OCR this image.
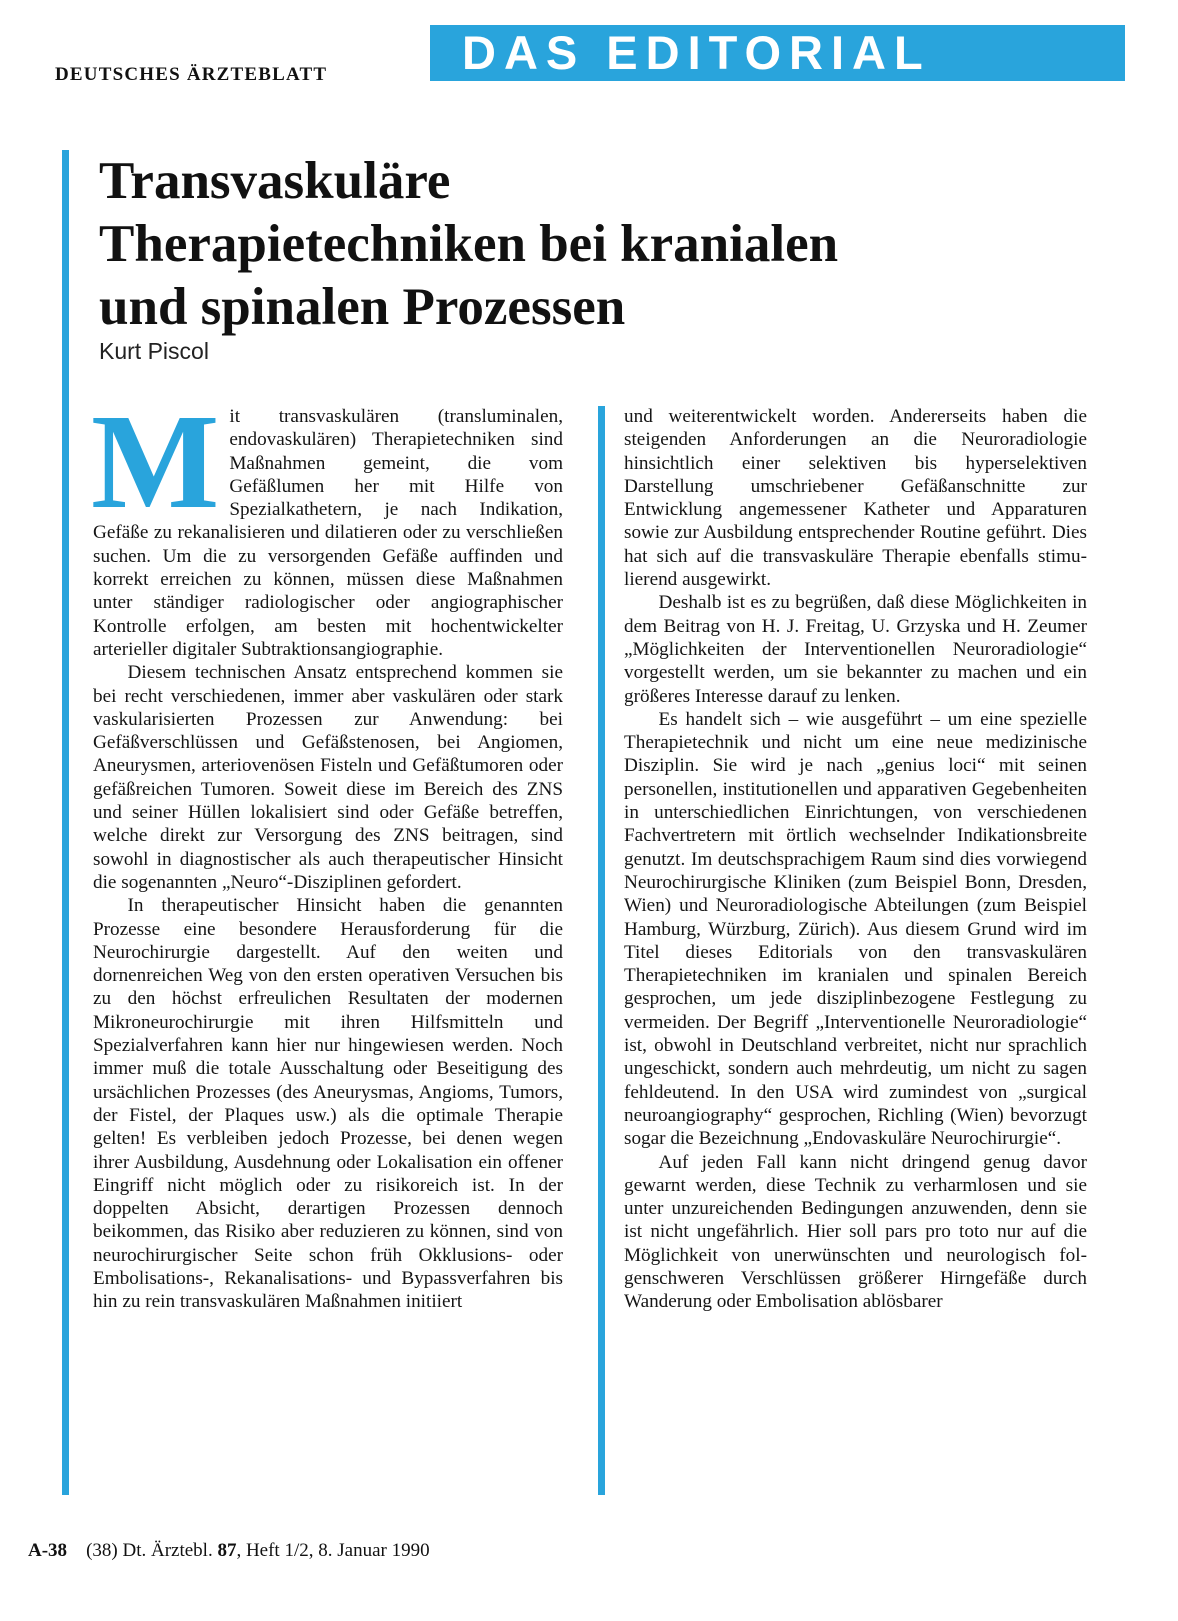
DEUTSCHES ÄRZTEBLATT	DAS EDITORIAL
Transvaskuläre
Therapietechniken bei kranialen
und spinalen Prozessen
Kurt Piscol

Mit transvaskulären (transluminalen, endovaskulären) Therapietechniken sind Maßnahmen gemeint, die vom Gefäßlumen her mit Hilfe von Spezialkathetern, je nach Indikation, Gefäße zu rekanalisieren und dilatieren oder zu verschließen suchen. Um die zu versorgenden Gefäße auffinden und korrekt erreichen zu können, müssen diese Maßnahmen unter ständiger radiologischer oder angiographischer Kontrolle erfolgen, am besten mit hochentwickelter arterieller digitaler Subtraktionsangiographie.

Diesem technischen Ansatz entsprechend kommen sie bei recht verschiedenen, immer aber vaskulären oder stark vaskularisierten Prozessen zur Anwendung: bei Gefäßverschlüssen und Gefäßstenosen, bei Angiomen, Aneurysmen, arteriovenösen Fisteln und Gefäßtumoren oder gefäßreichen Tumoren. Soweit diese im Bereich des ZNS und seiner Hüllen lokalisiert sind oder Gefäße betreffen, welche direkt zur Versorgung des ZNS beitragen, sind sowohl in diagnostischer als auch therapeutischer Hinsicht die sogenannten „Neuro“-Disziplinen gefordert.

In therapeutischer Hinsicht haben die genannten Prozesse eine besondere Herausforderung für die Neurochirurgie dargestellt. Auf den weiten und dornenreichen Weg von den ersten operativen Versuchen bis zu den höchst erfreulichen Resultaten der modernen Mikroneurochirurgie mit ihren Hilfsmitteln und Spezialverfahren kann hier nur hingewiesen werden. Noch immer muß die totale Ausschaltung oder Beseitigung des ursächlichen Prozesses (des Aneurysmas, Angioms, Tumors, der Fistel, der Plaques usw.) als die optimale Therapie gelten! Es verbleiben jedoch Prozesse, bei denen wegen ihrer Ausbildung, Ausdehnung oder Lokalisation ein offener Eingriff nicht möglich oder zu risikoreich ist. In der doppelten Absicht, derartigen Prozessen dennoch beikommen, das Risiko aber reduzieren zu können, sind von neurochirurgischer Seite schon früh Okklusions- oder Embolisations-, Rekanalisations- und Bypassverfahren bis hin zu rein transvaskulären Maßnahmen initiiert

und weiterentwickelt worden. Andererseits haben die steigenden Anforderungen an die Neuroradiologie hinsichtlich einer selektiven bis hyperselektiven Darstellung umschriebener Gefäßanschnitte zur Entwicklung angemessener Katheter und Apparaturen sowie zur Ausbildung entsprechender Routine geführt. Dies hat sich auf die transvaskuläre Therapie ebenfalls stimulierend ausgewirkt.

Deshalb ist es zu begrüßen, daß diese Möglichkeiten in dem Beitrag von H. J. Freitag, U. Grzyska und H. Zeumer „Möglichkeiten der Interventionellen Neuroradiologie“ vorgestellt werden, um sie bekannter zu machen und ein größeres Interesse darauf zu lenken.

Es handelt sich – wie ausgeführt – um eine spezielle Therapietechnik und nicht um eine neue medizinische Disziplin. Sie wird je nach „genius loci“ mit seinen personellen, institutionellen und apparativen Gegebenheiten in unterschiedlichen Einrichtungen, von verschiedenen Fachvertretern mit örtlich wechselnder Indikationsbreite genutzt. Im deutschsprachigem Raum sind dies vorwiegend Neurochirurgische Kliniken (zum Beispiel Bonn, Dresden, Wien) und Neuroradiologische Abteilungen (zum Beispiel Hamburg, Würzburg, Zürich). Aus diesem Grund wird im Titel dieses Editorials von den transvaskulären Therapietechniken im kranialen und spinalen Bereich gesprochen, um jede disziplinbezogene Festlegung zu vermeiden. Der Begriff „Interventionelle Neuroradiologie“ ist, obwohl in Deutschland verbreitet, nicht nur sprachlich ungeschickt, sondern auch mehrdeutig, um nicht zu sagen fehldeutend. In den USA wird zumindest von „surgical neuroangiography“ gesprochen, Richling (Wien) bevorzugt sogar die Bezeichnung „Endovaskuläre Neurochirurgie“.

Auf jeden Fall kann nicht dringend genug davor gewarnt werden, diese Technik zu verharmlosen und sie unter unzureichenden Bedingungen anzuwenden, denn sie ist nicht ungefährlich. Hier soll pars pro toto nur auf die Möglichkeit von unerwünschten und neurologisch folgenschweren Verschlüssen größerer Hirngefäße durch Wanderung oder Embolisation ablösbarer

A-38 (38) Dt. Ärztebl. 87, Heft 1/2, 8. Januar 1990
